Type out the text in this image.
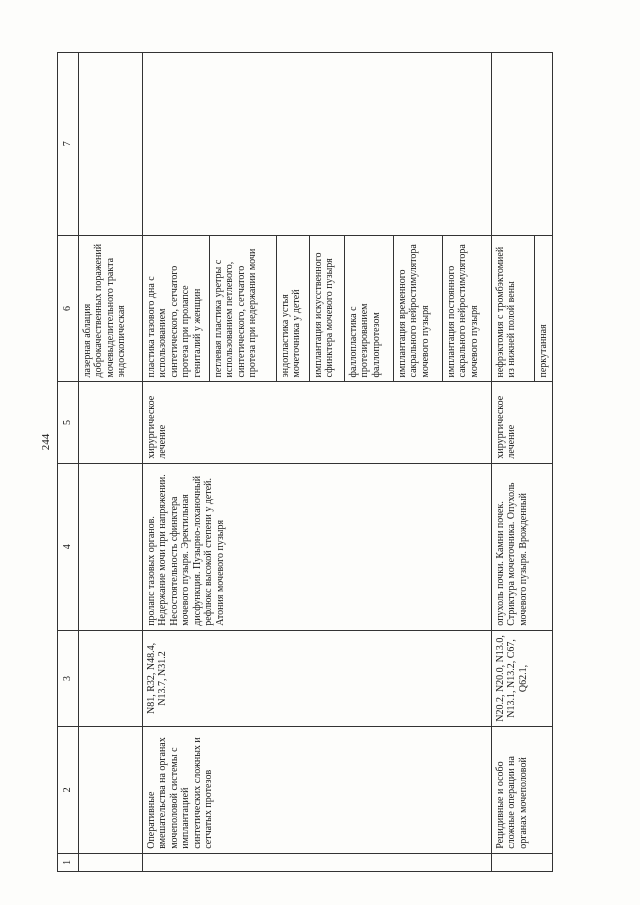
244
1	2	3	4	5	6	7
					лазерная аблация доброкачественных поражений мочевыделительного тракта эндоскопическая	
	Оперативные вмешательства на органах мочеполовой системы с имплантацией синтетических сложных и сетчатых протезов	N81, R32, N48.4, N13.7, N31.2	пролапс тазовых органов. Недержание мочи при напряжении. Несостоятельность сфинктера мочевого пузыря. Эректильная дисфункция. Пузырно-лоханочный рефлюкс высокой степени у детей. Атония мочевого пузыря	хирургическое лечение	пластика тазового дна с использованием синтетического, сетчатого протеза при пролапсе гениталий у женщин	
					петлевая пластика уретры с использованием петлевого, синтетического, сетчатого протеза при недержании мочи	
					эндопластика устья мочеточника у детей	
					имплантация искусственного сфинктера мочевого пузыря	
					фаллопластика с протезированием фаллопротезом	
					имплантация временного сакрального нейростимулятора мочевого пузыря	
					имплантация постоянного сакрального нейростимулятора мочевого пузыря	
	Рецидивные и особо сложные операции на органах мочеполовой	N20.2, N20.0, N13.0, N13.1, N13.2, C67, Q62.1,	опухоль почки. Камни почек. Стриктура мочеточника. Опухоль мочевого пузыря. Врожденный	хирургическое лечение	нефрэктомия с тромбэктомией из нижней полой вены	
					перкутанная	
